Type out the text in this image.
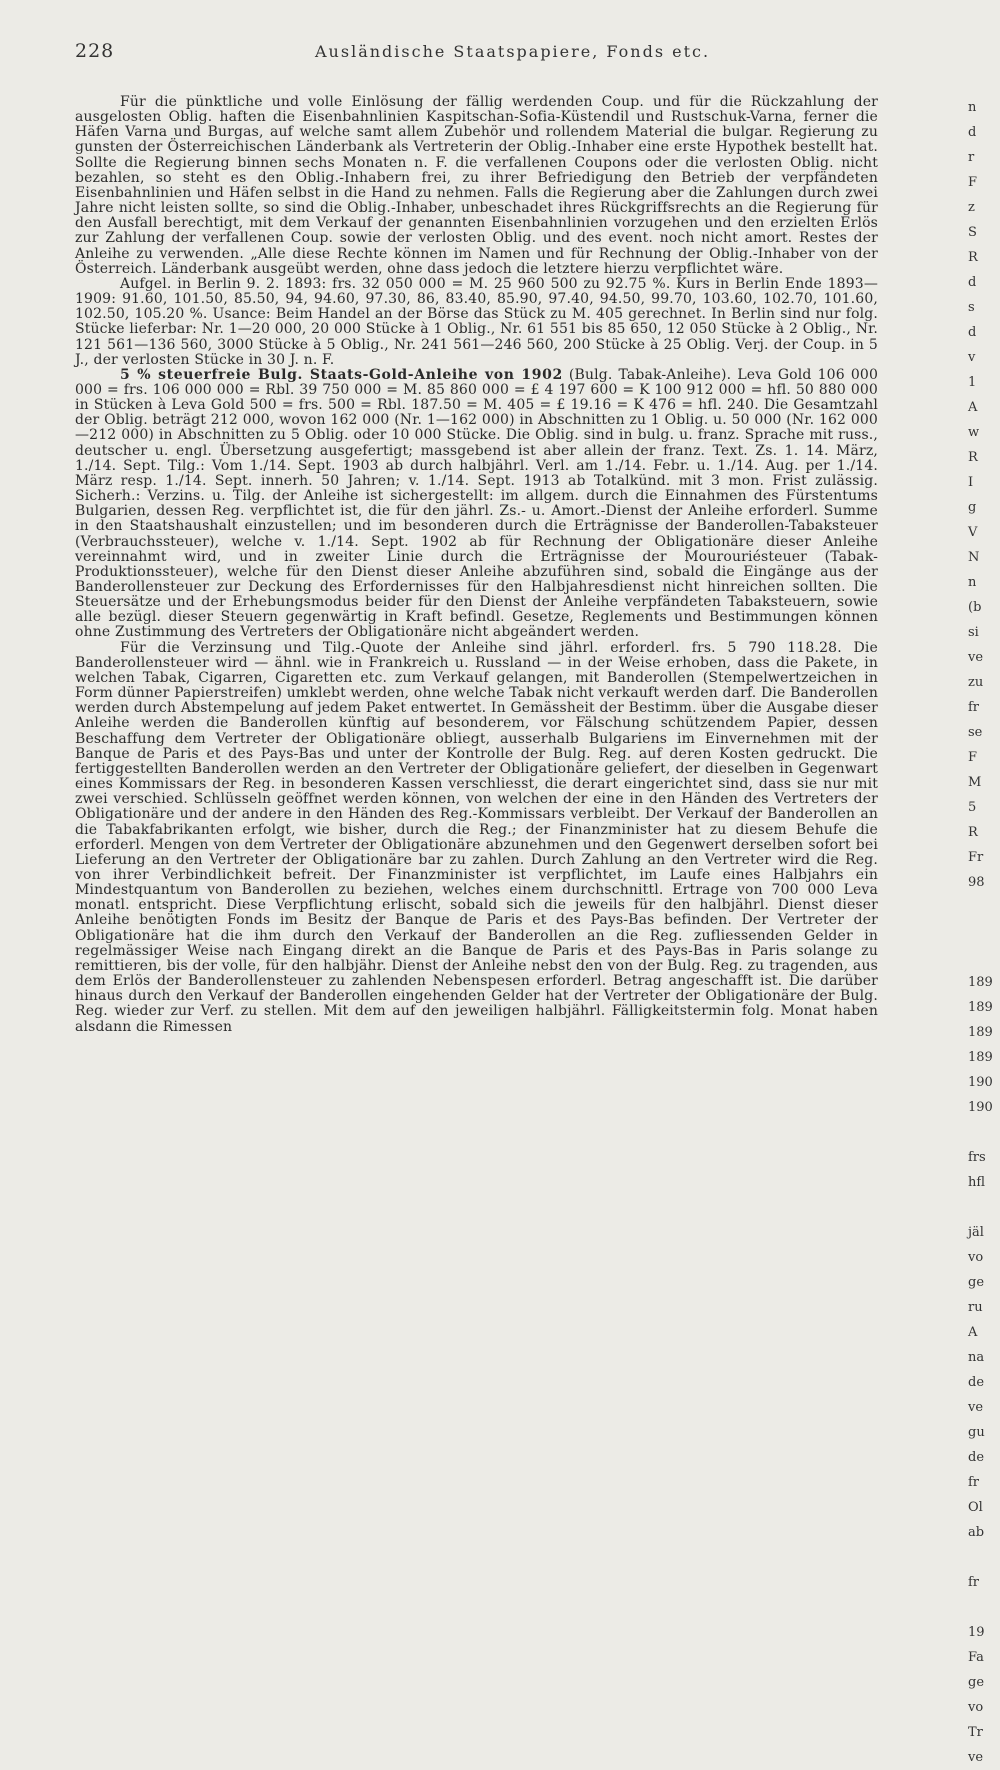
228	Ausländische Staatspapiere, Fonds etc.

Für die pünktliche und volle Einlösung der fällig werdenden Coup. und für die Rückzahlung der ausgelosten Oblig. haften die Eisenbahnlinien Kaspitschan-Sofia-Küstendil und Rustschuk-Varna, ferner die Häfen Varna und Burgas, auf welche samt allem Zubehör und rollendem Material die bulgar. Regierung zu gunsten der Österreichischen Länderbank als Vertreterin der Oblig.-Inhaber eine erste Hypothek bestellt hat. Sollte die Regierung binnen sechs Monaten n. F. die verfallenen Coupons oder die verlosten Oblig. nicht bezahlen, so steht es den Oblig.-Inhabern frei, zu ihrer Befriedigung den Betrieb der verpfändeten Eisenbahnlinien und Häfen selbst in die Hand zu nehmen. Falls die Regierung aber die Zahlungen durch zwei Jahre nicht leisten sollte, so sind die Oblig.-Inhaber, unbeschadet ihres Rückgriffsrechts an die Regierung für den Ausfall berechtigt, mit dem Verkauf der genannten Eisenbahnlinien vorzugehen und den erzielten Erlös zur Zahlung der verfallenen Coup. sowie der verlosten Oblig. und des event. noch nicht amort. Restes der Anleihe zu verwenden. „Alle diese Rechte können im Namen und für Rechnung der Oblig.-Inhaber von der Österreich. Länderbank ausgeübt werden, ohne dass jedoch die letztere hierzu verpflichtet wäre.

Aufgel. in Berlin 9. 2. 1893: frs. 32 050 000 = M. 25 960 500 zu 92.75 %. Kurs in Berlin Ende 1893—1909: 91.60, 101.50, 85.50, 94, 94.60, 97.30, 86, 83.40, 85.90, 97.40, 94.50, 99.70, 103.60, 102.70, 101.60, 102.50, 105.20 %. Usance: Beim Handel an der Börse das Stück zu M. 405 gerechnet. In Berlin sind nur folg. Stücke lieferbar: Nr. 1—20 000, 20 000 Stücke à 1 Oblig., Nr. 61 551 bis 85 650, 12 050 Stücke à 2 Oblig., Nr. 121 561—136 560, 3000 Stücke à 5 Oblig., Nr. 241 561—246 560, 200 Stücke à 25 Oblig. Verj. der Coup. in 5 J., der verlosten Stücke in 30 J. n. F.

5 % steuerfreie Bulg. Staats-Gold-Anleihe von 1902 (Bulg. Tabak-Anleihe). Leva Gold 106 000 000 = frs. 106 000 000 = Rbl. 39 750 000 = M. 85 860 000 = £ 4 197 600 = K 100 912 000 = hfl. 50 880 000 in Stücken à Leva Gold 500 = frs. 500 = Rbl. 187.50 = M. 405 = £ 19.16 = K 476 = hfl. 240. Die Gesamtzahl der Oblig. beträgt 212 000, wovon 162 000 (Nr. 1—162 000) in Abschnitten zu 1 Oblig. u. 50 000 (Nr. 162 000—212 000) in Abschnitten zu 5 Oblig. oder 10 000 Stücke. Die Oblig. sind in bulg. u. franz. Sprache mit russ., deutscher u. engl. Übersetzung ausgefertigt; massgebend ist aber allein der franz. Text. Zs. 1. 14. März, 1./14. Sept. Tilg.: Vom 1./14. Sept. 1903 ab durch halbjährl. Verl. am 1./14. Febr. u. 1./14. Aug. per 1./14. März resp. 1./14. Sept. innerh. 50 Jahren; v. 1./14. Sept. 1913 ab Totalkünd. mit 3 mon. Frist zulässig. Sicherh.: Verzins. u. Tilg. der Anleihe ist sichergestellt: im allgem. durch die Einnahmen des Fürstentums Bulgarien, dessen Reg. verpflichtet ist, die für den jährl. Zs.- u. Amort.-Dienst der Anleihe erforderl. Summe in den Staatshaushalt einzustellen; und im besonderen durch die Erträgnisse der Banderollen-Tabaksteuer (Verbrauchssteuer), welche v. 1./14. Sept. 1902 ab für Rechnung der Obligationäre dieser Anleihe vereinnahmt wird, und in zweiter Linie durch die Erträgnisse der Mourouriésteuer (Tabak-Produktionssteuer), welche für den Dienst dieser Anleihe abzuführen sind, sobald die Eingänge aus der Banderollensteuer zur Deckung des Erfordernisses für den Halbjahresdienst nicht hinreichen sollten. Die Steuersätze und der Erhebungsmodus beider für den Dienst der Anleihe verpfändeten Tabaksteuern, sowie alle bezügl. dieser Steuern gegenwärtig in Kraft befindl. Gesetze, Reglements und Bestimmungen können ohne Zustimmung des Vertreters der Obligationäre nicht abgeändert werden.

Für die Verzinsung und Tilg.-Quote der Anleihe sind jährl. erforderl. frs. 5 790 118.28. Die Banderollensteuer wird — ähnl. wie in Frankreich u. Russland — in der Weise erhoben, dass die Pakete, in welchen Tabak, Cigarren, Cigaretten etc. zum Verkauf gelangen, mit Banderollen (Stempelwertzeichen in Form dünner Papierstreifen) umklebt werden, ohne welche Tabak nicht verkauft werden darf. Die Banderollen werden durch Abstempelung auf jedem Paket entwertet. In Gemässheit der Bestimm. über die Ausgabe dieser Anleihe werden die Banderollen künftig auf besonderem, vor Fälschung schützendem Papier, dessen Beschaffung dem Vertreter der Obligationäre obliegt, ausserhalb Bulgariens im Einvernehmen mit der Banque de Paris et des Pays-Bas und unter der Kontrolle der Bulg. Reg. auf deren Kosten gedruckt. Die fertiggestellten Banderollen werden an den Vertreter der Obligationäre geliefert, der dieselben in Gegenwart eines Kommissars der Reg. in besonderen Kassen verschliesst, die derart eingerichtet sind, dass sie nur mit zwei verschied. Schlüsseln geöffnet werden können, von welchen der eine in den Händen des Vertreters der Obligationäre und der andere in den Händen des Reg.-Kommissars verbleibt. Der Verkauf der Banderollen an die Tabakfabrikanten erfolgt, wie bisher, durch die Reg.; der Finanzminister hat zu diesem Behufe die erforderl. Mengen von dem Vertreter der Obligationäre abzunehmen und den Gegenwert derselben sofort bei Lieferung an den Vertreter der Obligationäre bar zu zahlen. Durch Zahlung an den Vertreter wird die Reg. von ihrer Verbindlichkeit befreit. Der Finanzminister ist verpflichtet, im Laufe eines Halbjahrs ein Mindestquantum von Banderollen zu beziehen, welches einem durchschnittl. Ertrage von 700 000 Leva monatl. entspricht. Diese Verpflichtung erlischt, sobald sich die jeweils für den halbjährl. Dienst dieser Anleihe benötigten Fonds im Besitz der Banque de Paris et des Pays-Bas befinden. Der Vertreter der Obligationäre hat die ihm durch den Verkauf der Banderollen an die Reg. zufliessenden Gelder in regelmässiger Weise nach Eingang direkt an die Banque de Paris et des Pays-Bas in Paris solange zu remittieren, bis der volle, für den halbjähr. Dienst der Anleihe nebst den von der Bulg. Reg. zu tragenden, aus dem Erlös der Banderollensteuer zu zahlenden Nebenspesen erforderl. Betrag angeschafft ist. Die darüber hinaus durch den Verkauf der Banderollen eingehenden Gelder hat der Vertreter der Obligationäre der Bulg. Reg. wieder zur Verf. zu stellen. Mit dem auf den jeweiligen halbjährl. Fälligkeitstermin folg. Monat haben alsdann die Rimessen

n
d
r
F
z
S
R
d
s
d
v
1
A
w
R
I
g
V
N
n
(b
si
ve
zu
fr
se
F
M
5
R
Fr
98
189
189
189
189
190
190
frs
hfl
jäl
vo
ge
ru
A
na
de
ve
gu
de
fr
Ol
ab
fr
19
Fa
ge
vo
Tr
ve
